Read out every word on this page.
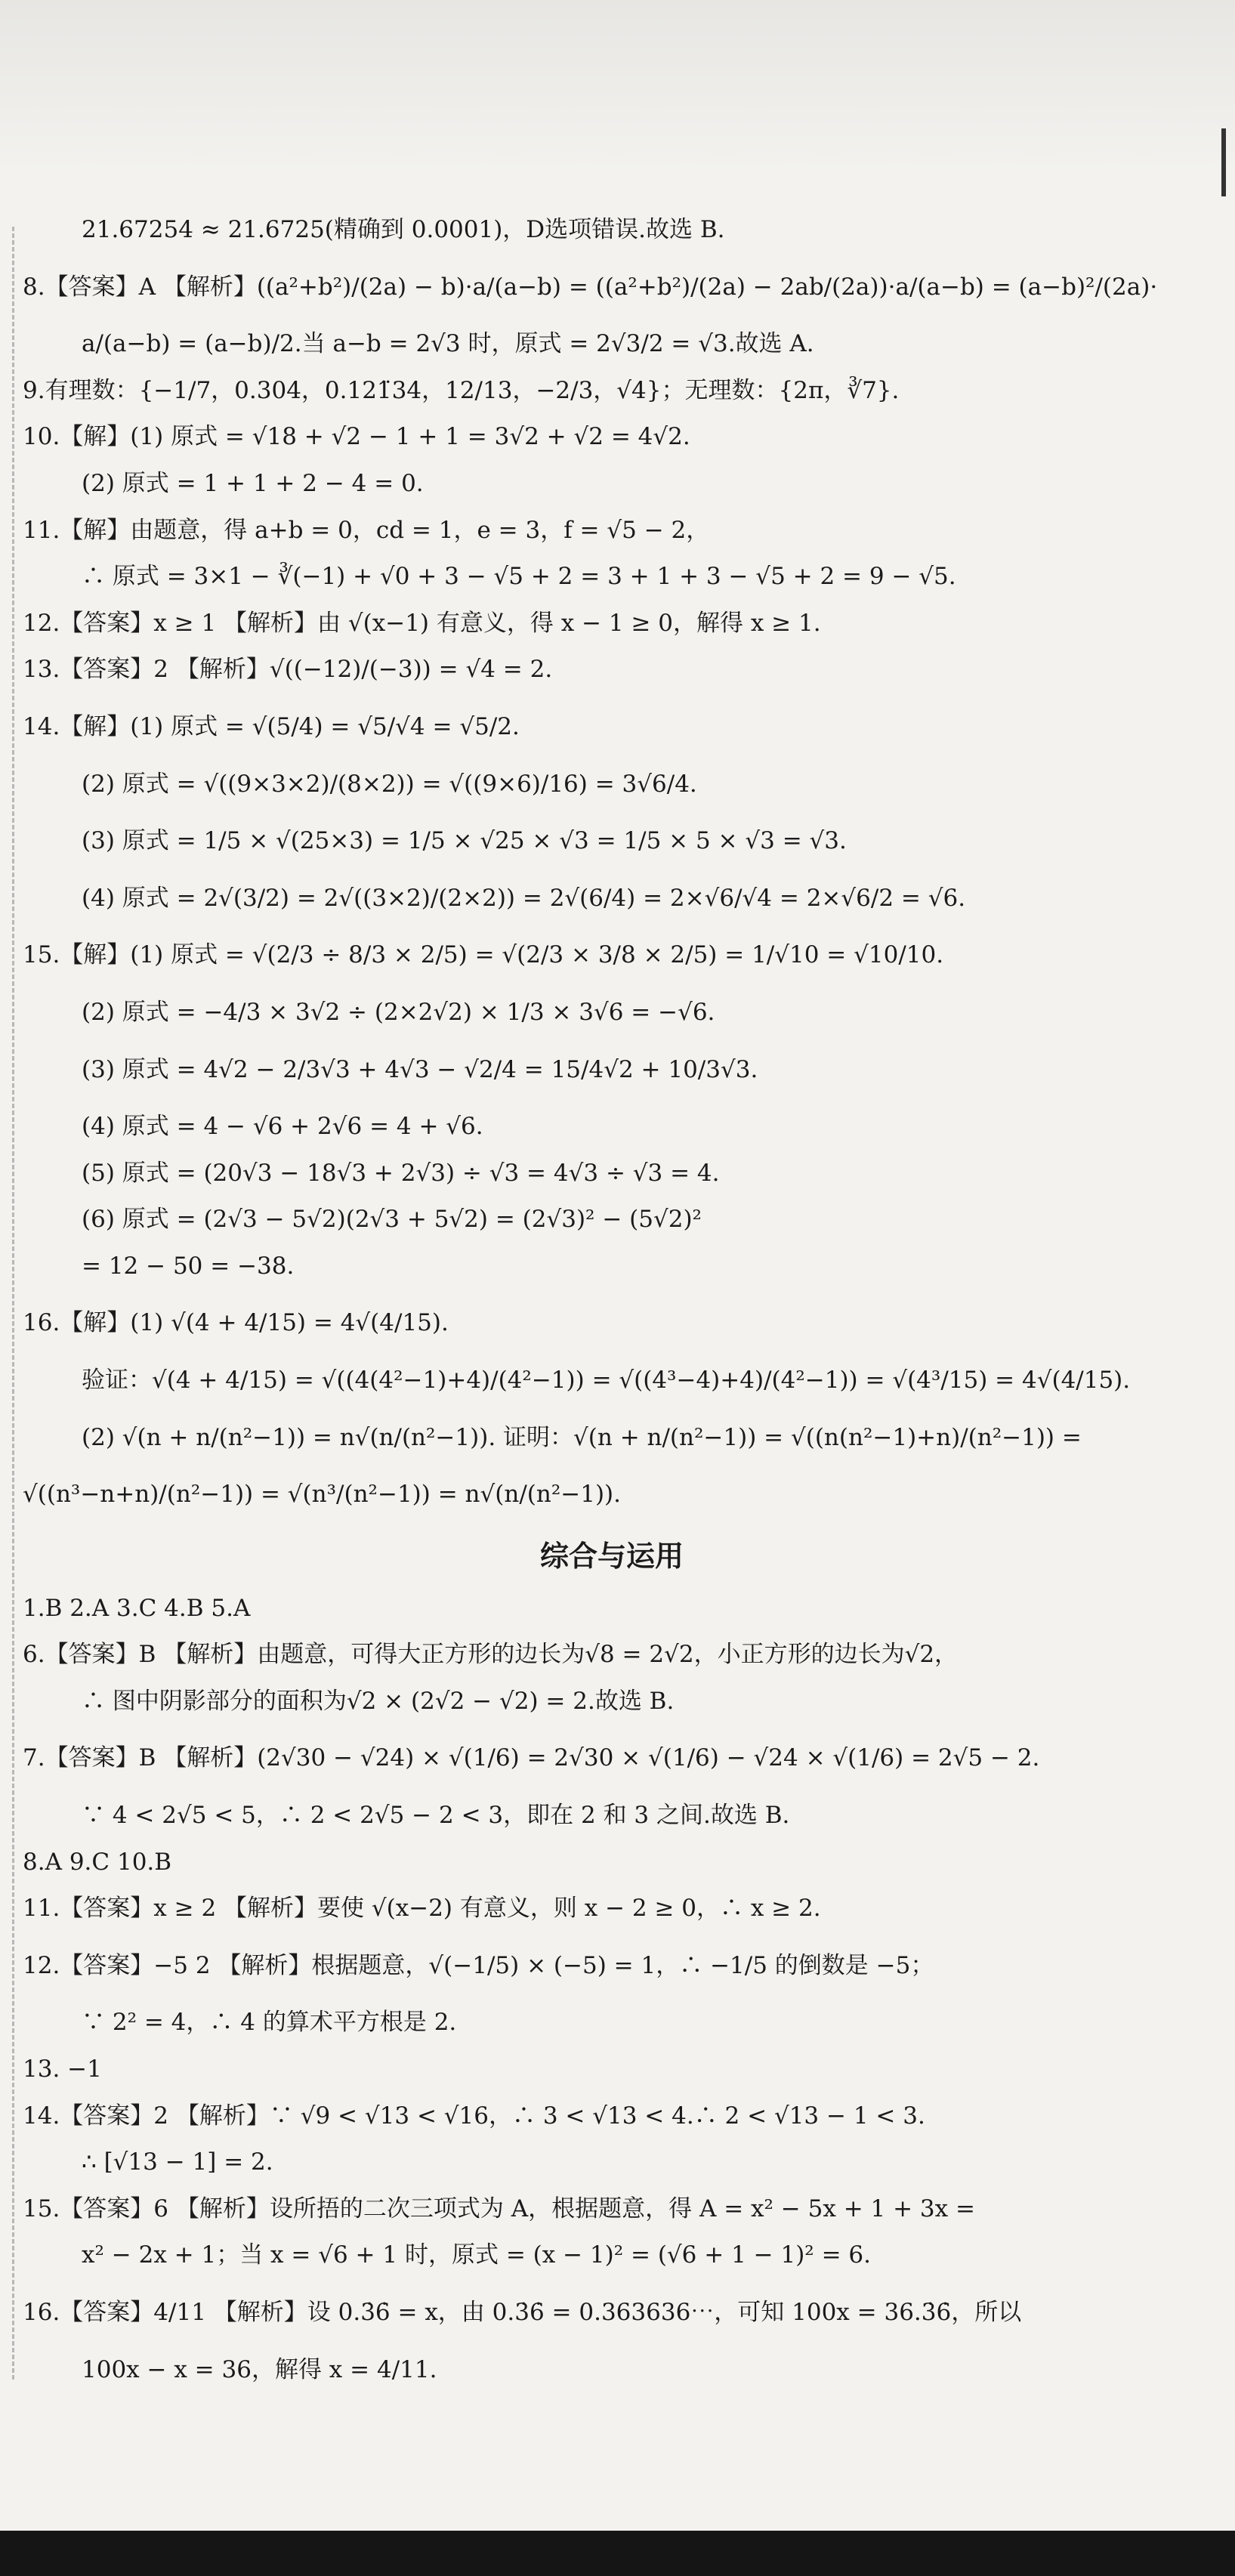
21.67254 ≈ 21.6725(精确到 0.0001)，D选项错误.故选 B.
8.【答案】A 【解析】((a²+b²)/(2a) − b)·a/(a−b) = ((a²+b²)/(2a) − 2ab/(2a))·a/(a−b) = (a−b)²/(2a)·
a/(a−b) = (a−b)/2.当 a−b = 2√3 时，原式 = 2√3/2 = √3.故选 A.
9.有理数：{−1/7，0.304，0.121̈34，12/13，−2/3，√4}；无理数：{2π，∛7}.
10.【解】(1) 原式 = √18 + √2 − 1 + 1 = 3√2 + √2 = 4√2.
(2) 原式 = 1 + 1 + 2 − 4 = 0.
11.【解】由题意，得 a+b = 0，cd = 1，e = 3，f = √5 − 2，
∴ 原式 = 3×1 − ∛(−1) + √0 + 3 − √5 + 2 = 3 + 1 + 3 − √5 + 2 = 9 − √5.
12.【答案】x ≥ 1 【解析】由 √(x−1) 有意义，得 x − 1 ≥ 0，解得 x ≥ 1.
13.【答案】2 【解析】√((−12)/(−3)) = √4 = 2.
14.【解】(1) 原式 = √(5/4) = √5/√4 = √5/2.
(2) 原式 = √((9×3×2)/(8×2)) = √((9×6)/16) = 3√6/4.
(3) 原式 = 1/5 × √(25×3) = 1/5 × √25 × √3 = 1/5 × 5 × √3 = √3.
(4) 原式 = 2√(3/2) = 2√((3×2)/(2×2)) = 2√(6/4) = 2×√6/√4 = 2×√6/2 = √6.
15.【解】(1) 原式 = √(2/3 ÷ 8/3 × 2/5) = √(2/3 × 3/8 × 2/5) = 1/√10 = √10/10.
(2) 原式 = −4/3 × 3√2 ÷ (2×2√2) × 1/3 × 3√6 = −√6.
(3) 原式 = 4√2 − 2/3√3 + 4√3 − √2/4 = 15/4√2 + 10/3√3.
(4) 原式 = 4 − √6 + 2√6 = 4 + √6.
(5) 原式 = (20√3 − 18√3 + 2√3) ÷ √3 = 4√3 ÷ √3 = 4.
(6) 原式 = (2√3 − 5√2)(2√3 + 5√2) = (2√3)² − (5√2)²
= 12 − 50 = −38.
16.【解】(1) √(4 + 4/15) = 4√(4/15).
验证：√(4 + 4/15) = √((4(4²−1)+4)/(4²−1)) = √((4³−4)+4)/(4²−1)) = √(4³/15) = 4√(4/15).
(2) √(n + n/(n²−1)) = n√(n/(n²−1)). 证明：√(n + n/(n²−1)) = √((n(n²−1)+n)/(n²−1)) =
√((n³−n+n)/(n²−1)) = √(n³/(n²−1)) = n√(n/(n²−1)).
综合与运用
1.B 2.A 3.C 4.B 5.A
6.【答案】B 【解析】由题意，可得大正方形的边长为√8 = 2√2，小正方形的边长为√2，
∴ 图中阴影部分的面积为√2 × (2√2 − √2) = 2.故选 B.
7.【答案】B 【解析】(2√30 − √24) × √(1/6) = 2√30 × √(1/6) − √24 × √(1/6) = 2√5 − 2.
∵ 4 < 2√5 < 5，∴ 2 < 2√5 − 2 < 3，即在 2 和 3 之间.故选 B.
8.A 9.C 10.B
11.【答案】x ≥ 2 【解析】要使 √(x−2) 有意义，则 x − 2 ≥ 0，∴ x ≥ 2.
12.【答案】−5 2 【解析】根据题意，√(−1/5) × (−5) = 1，∴ −1/5 的倒数是 −5；
∵ 2² = 4，∴ 4 的算术平方根是 2.
13. −1
14.【答案】2 【解析】∵ √9 < √13 < √16，∴ 3 < √13 < 4.∴ 2 < √13 − 1 < 3.
∴ [√13 − 1] = 2.
15.【答案】6 【解析】设所捂的二次三项式为 A，根据题意，得 A = x² − 5x + 1 + 3x =
x² − 2x + 1；当 x = √6 + 1 时，原式 = (x − 1)² = (√6 + 1 − 1)² = 6.
16.【答案】4/11 【解析】设 0.3̇6̇ = x，由 0.3̇6̇ = 0.363636⋯，可知 100x = 36.3̇6̇，所以
100x − x = 36，解得 x = 4/11.
